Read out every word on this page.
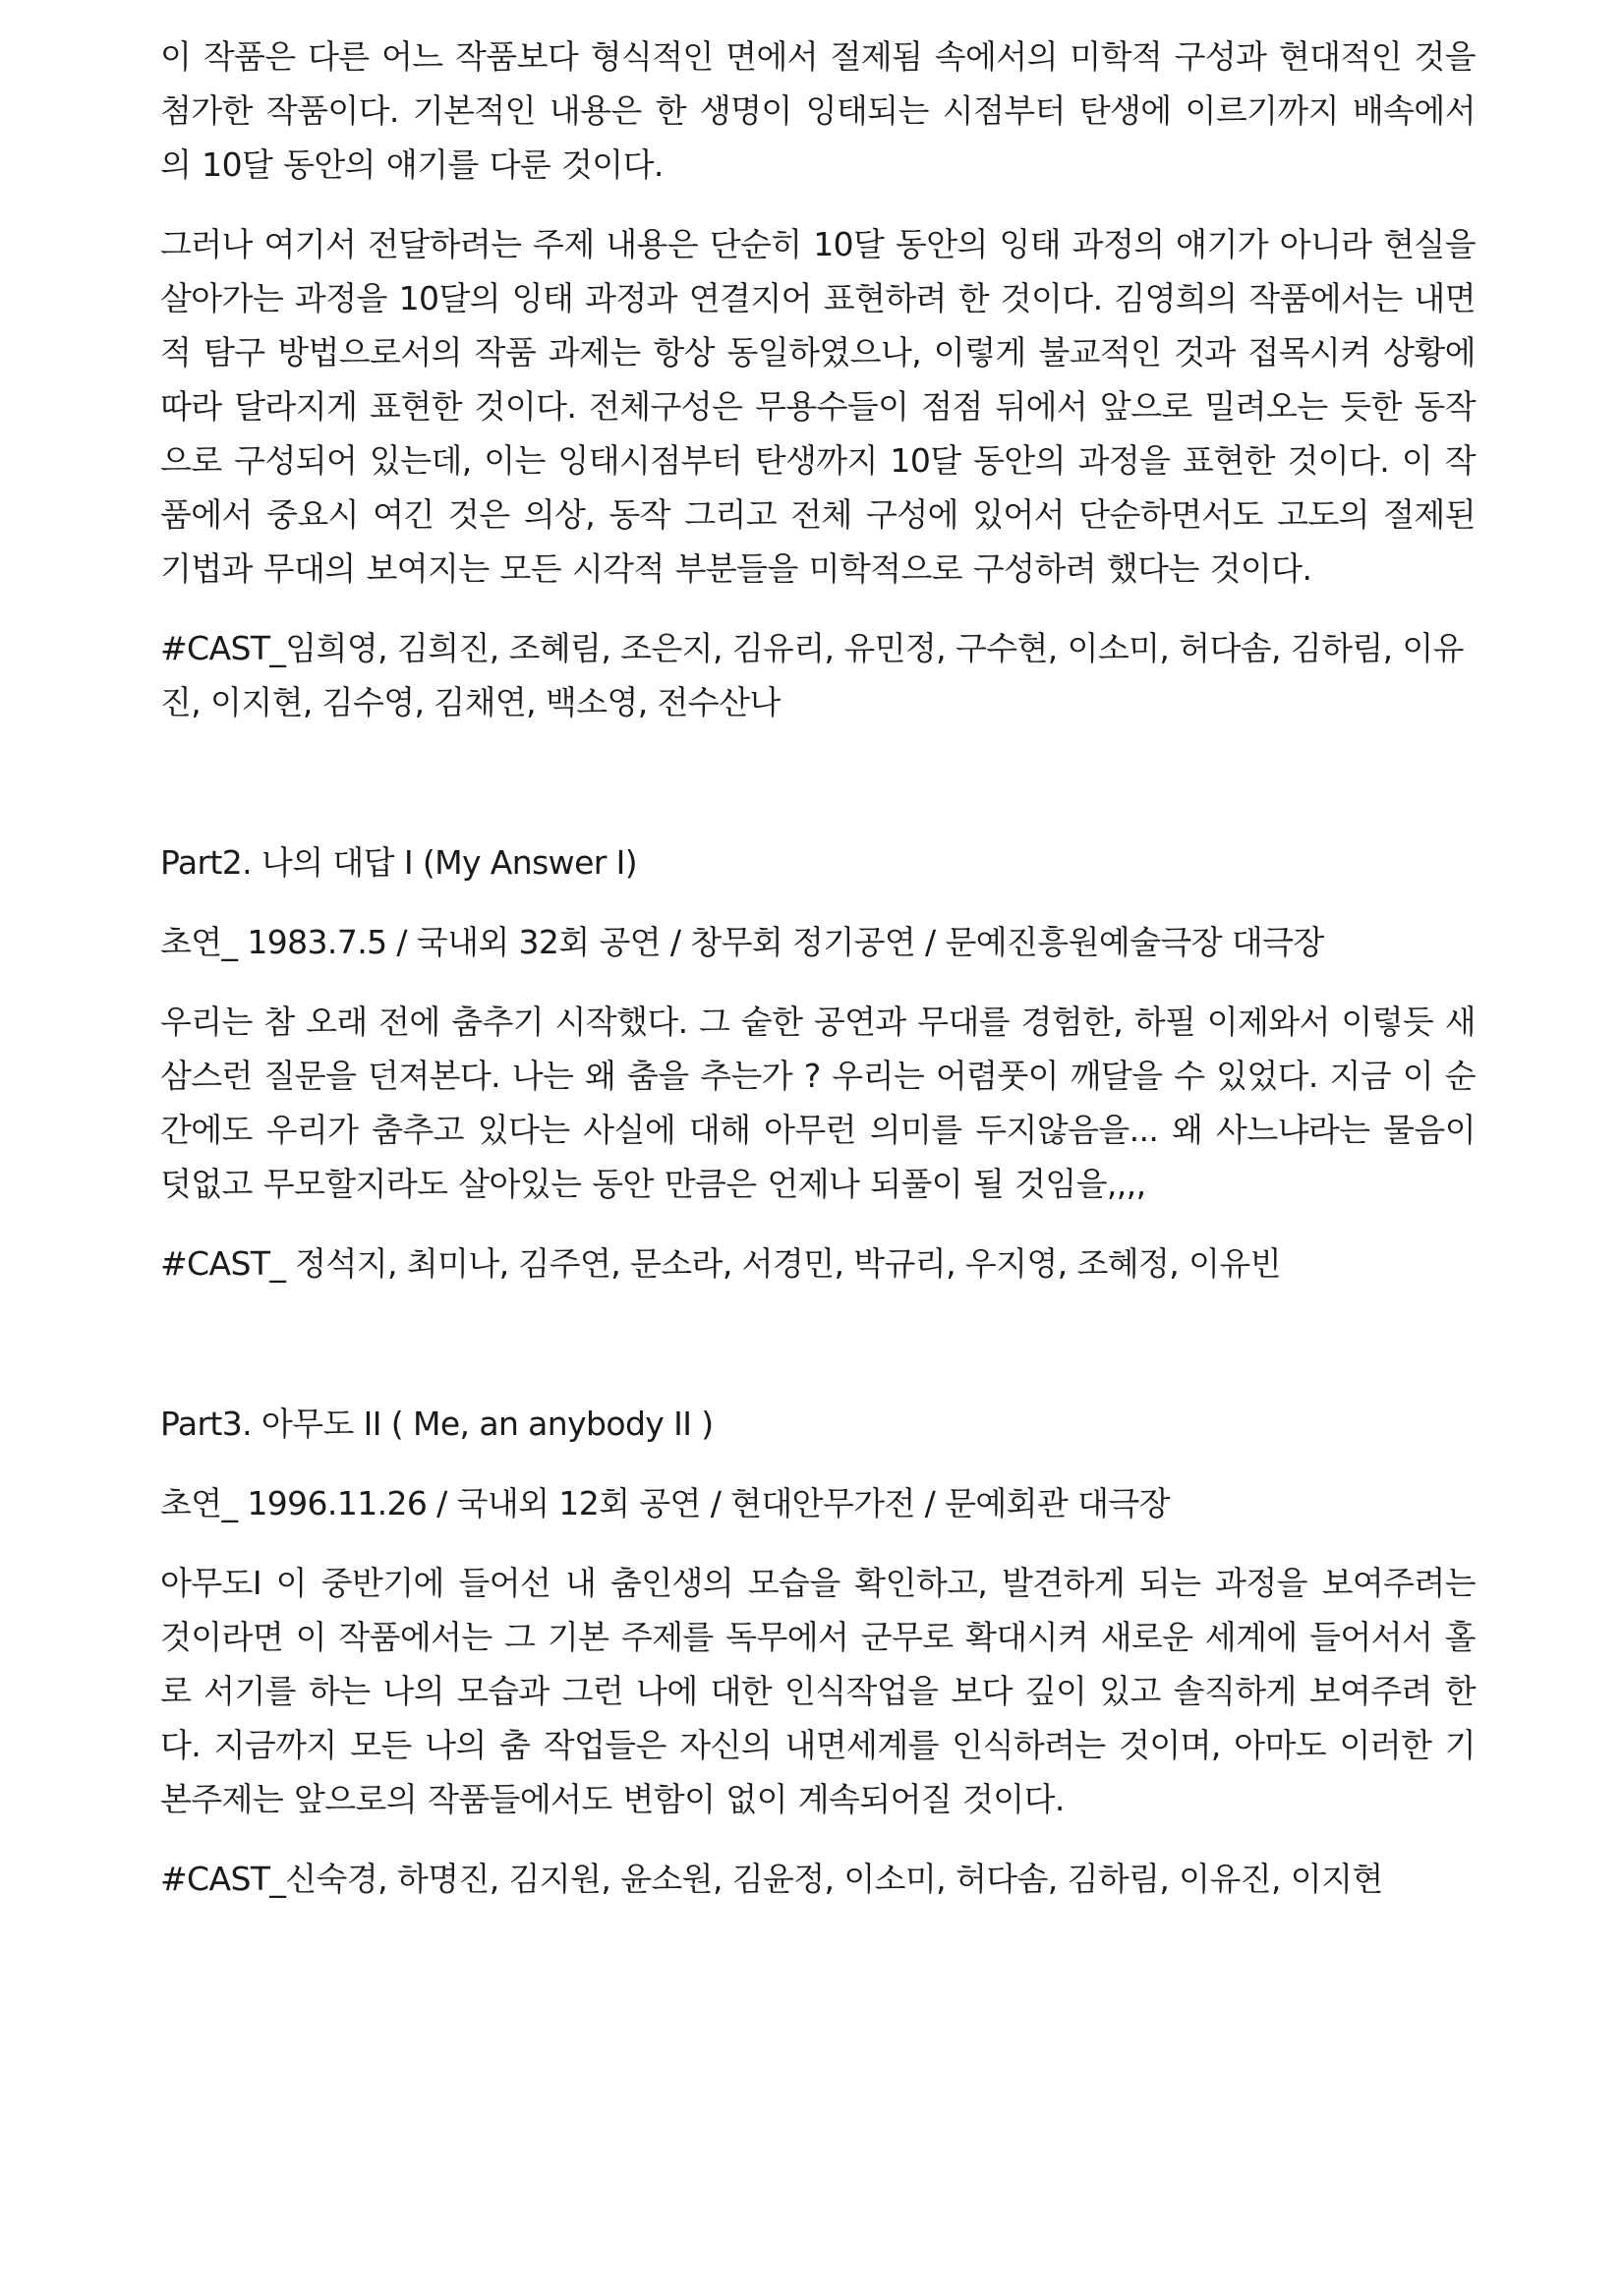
이 작품은 다른 어느 작품보다 형식적인 면에서 절제됨 속에서의 미학적 구성과 현대적인 것을 첨가한 작품이다. 기본적인 내용은 한 생명이 잉태되는 시점부터 탄생에 이르기까지 배속에서의 10달 동안의 얘기를 다룬 것이다.

그러나 여기서 전달하려는 주제 내용은 단순히 10달 동안의 잉태 과정의 얘기가 아니라 현실을 살아가는 과정을 10달의 잉태 과정과 연결지어 표현하려 한 것이다. 김영희의 작품에서는 내면적 탐구 방법으로서의 작품 과제는 항상 동일하였으나, 이렇게 불교적인 것과 접목시켜 상황에 따라 달라지게 표현한 것이다. 전체구성은 무용수들이 점점 뒤에서 앞으로 밀려오는 듯한 동작으로 구성되어 있는데, 이는 잉태시점부터 탄생까지 10달 동안의 과정을 표현한 것이다. 이 작품에서 중요시 여긴 것은 의상, 동작 그리고 전체 구성에 있어서 단순하면서도 고도의 절제된 기법과 무대의 보여지는 모든 시각적 부분들을 미학적으로 구성하려 했다는 것이다.

#CAST_임희영, 김희진, 조혜림, 조은지, 김유리, 유민정, 구수현, 이소미, 허다솜, 김하림, 이유진, 이지현, 김수영, 김채연, 백소영, 전수산나

Part2. 나의 대답 I (My Answer I)

초연_ 1983.7.5 / 국내외 32회 공연 / 창무회 정기공연 / 문예진흥원예술극장 대극장

우리는 참 오래 전에 춤추기 시작했다. 그 숱한 공연과 무대를 경험한, 하필 이제와서 이렇듯 새삼스런 질문을 던져본다. 나는 왜 춤을 추는가 ? 우리는 어렴풋이 깨달을 수 있었다. 지금 이 순간에도 우리가 춤추고 있다는 사실에 대해 아무런 의미를 두지않음을... 왜 사느냐라는 물음이 덧없고 무모할지라도 살아있는 동안 만큼은 언제나 되풀이 될 것임을,,,,

#CAST_ 정석지, 최미나, 김주연, 문소라, 서경민, 박규리, 우지영, 조혜정, 이유빈

Part3. 아무도 II ( Me, an anybody II )

초연_ 1996.11.26 / 국내외 12회 공연 / 현대안무가전 / 문예회관 대극장

아무도I 이 중반기에 들어선 내 춤인생의 모습을 확인하고, 발견하게 되는 과정을 보여주려는 것이라면 이 작품에서는 그 기본 주제를 독무에서 군무로 확대시켜 새로운 세계에 들어서서 홀로 서기를 하는 나의 모습과 그런 나에 대한 인식작업을 보다 깊이 있고 솔직하게 보여주려 한다. 지금까지 모든 나의 춤 작업들은 자신의 내면세계를 인식하려는 것이며, 아마도 이러한 기본주제는 앞으로의 작품들에서도 변함이 없이 계속되어질 것이다.

#CAST_신숙경, 하명진, 김지원, 윤소원, 김윤정, 이소미, 허다솜, 김하림, 이유진, 이지현
